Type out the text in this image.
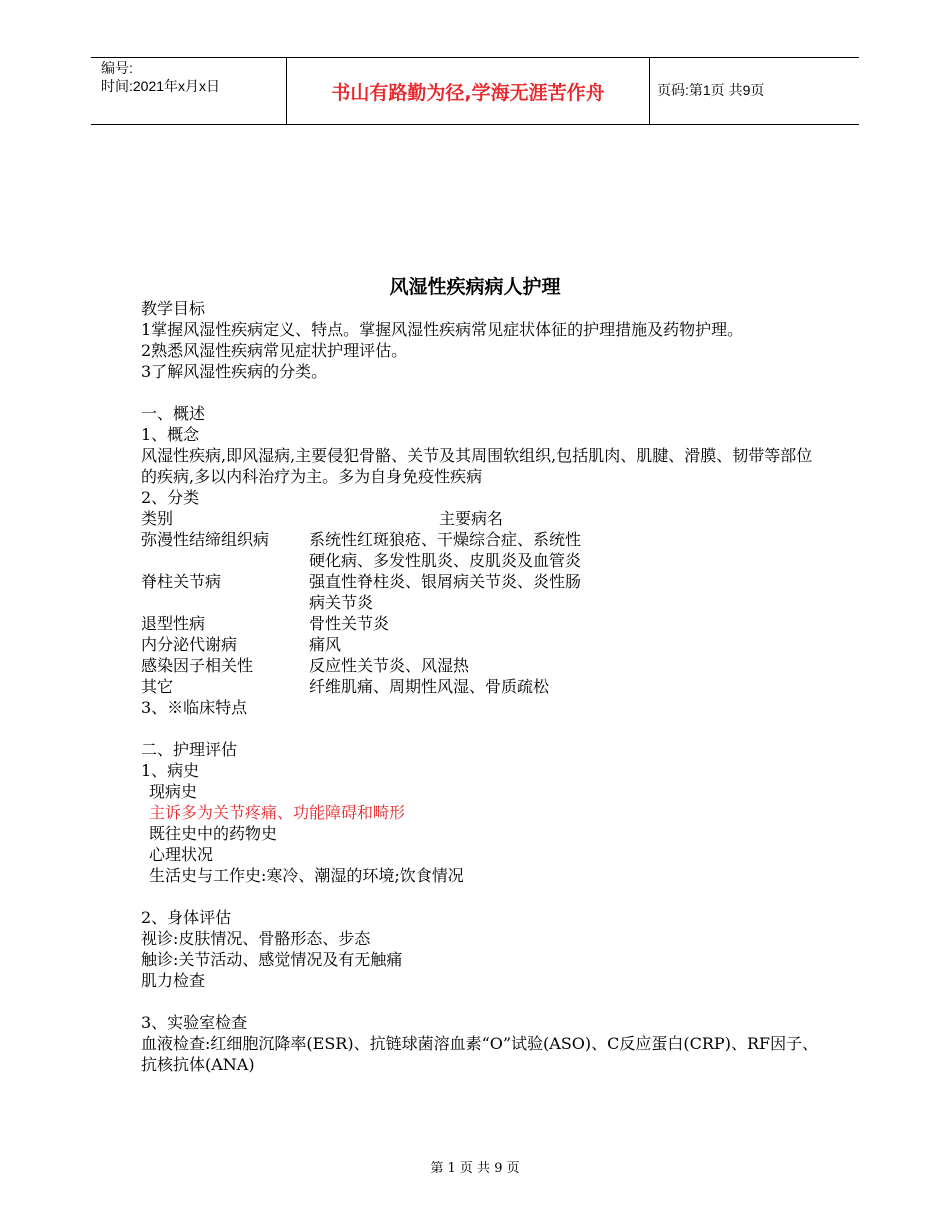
编号:
时间:2021年x月x日	书山有路勤为径,学海无涯苦作舟	页码:第1页 共9页
风湿性疾病病人护理
教学目标
1掌握风湿性疾病定义、特点。掌握风湿性疾病常见症状体征的护理措施及药物护理。
2熟悉风湿性疾病常见症状护理评估。
3了解风湿性疾病的分类。
一、概述
1、概念
风湿性疾病,即风湿病,主要侵犯骨骼、关节及其周围软组织,包括肌肉、肌腱、滑膜、韧带等部位的疾病,多以内科治疗为主。多为自身免疫性疾病
2、分类
类别	主要病名
弥漫性结缔组织病 系统性红斑狼疮、干燥综合症、系统性
硬化病、多发性肌炎、皮肌炎及血管炎
脊柱关节病	强直性脊柱炎、银屑病关节炎、炎性肠
病关节炎
退型性病	骨性关节炎
内分泌代谢病	痛风
感染因子相关性	反应性关节炎、风湿热
其它	纤维肌痛、周期性风湿、骨质疏松
3、※临床特点
二、护理评估
1、病史
现病史
主诉多为关节疼痛、功能障碍和畸形
既往史中的药物史
心理状况
生活史与工作史:寒冷、潮湿的环境;饮食情况
2、身体评估
视诊:皮肤情况、骨骼形态、步态
触诊:关节活动、感觉情况及有无触痛
肌力检查
3、实验室检查
血液检查:红细胞沉降率(ESR)、抗链球菌溶血素“O”试验(ASO)、C反应蛋白(CRP)、RF因子、抗核抗体(ANA)
第 1 页 共 9 页
